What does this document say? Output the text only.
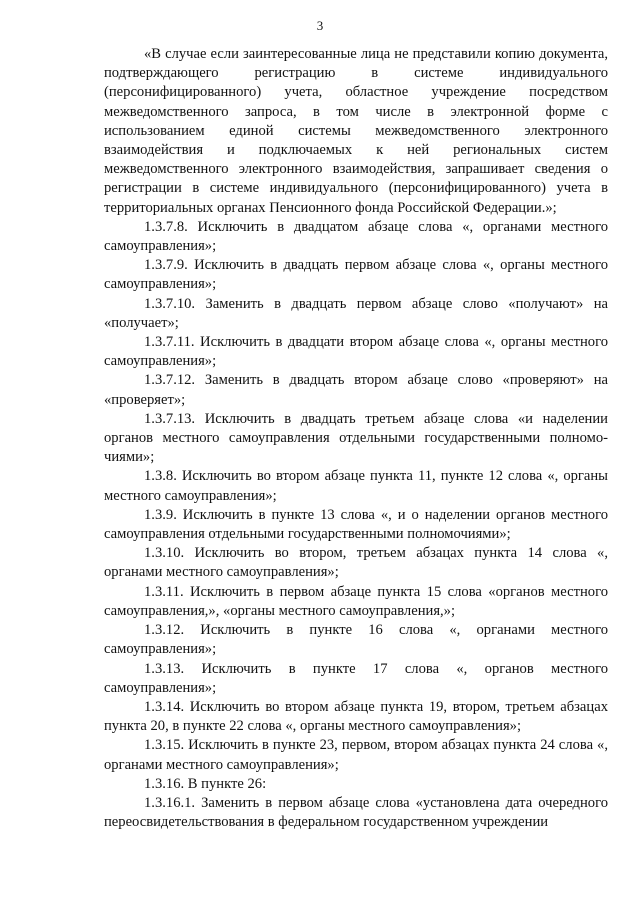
3

«В случае если заинтересованные лица не представили копию документа, подтверждающего регистрацию в системе индивидуального (персонифицированного) учета, областное учреждение посредством межведомственного запроса, в том числе в электронной форме с использованием единой системы межведомственного электронного взаимодействия и подключаемых к ней региональных систем межведомственного электронного взаимодействия, запрашивает сведения о регистрации в системе индивидуального (персонифицированного) учета в территориальных органах Пенсионного фонда Российской Федерации.»;

1.3.7.8. Исключить в двадцатом абзаце слова «, органами местного самоуправления»;

1.3.7.9. Исключить в двадцать первом абзаце слова «, органы местного самоуправления»;

1.3.7.10. Заменить в двадцать первом абзаце слово «получают» на «получает»;

1.3.7.11. Исключить в двадцати втором абзаце слова «, органы местного самоуправления»;

1.3.7.12. Заменить в двадцать втором абзаце слово «проверяют» на «проверяет»;

1.3.7.13. Исключить в двадцать третьем абзаце слова «и наделении органов местного самоуправления отдельными государственными полномо-чиями»;

1.3.8. Исключить во втором абзаце пункта 11, пункте 12 слова «, органы местного самоуправления»;

1.3.9. Исключить в пункте 13 слова «, и о наделении органов местного самоуправления отдельными государственными полномочиями»;

1.3.10. Исключить во втором, третьем абзацах пункта 14 слова «, органами местного самоуправления»;

1.3.11. Исключить в первом абзаце пункта 15 слова «органов местного самоуправления,», «органы местного самоуправления,»;

1.3.12. Исключить в пункте 16 слова «, органами местного самоуправления»;

1.3.13. Исключить в пункте 17 слова «, органов местного самоуправления»;

1.3.14. Исключить во втором абзаце пункта 19, втором, третьем абзацах пункта 20, в пункте 22 слова «, органы местного самоуправления»;

1.3.15. Исключить в пункте 23, первом, втором абзацах пункта 24 слова «, органами местного самоуправления»;

1.3.16. В пункте 26:

1.3.16.1. Заменить в первом абзаце слова «установлена дата очередного переосвидетельствования в федеральном государственном учреждении
